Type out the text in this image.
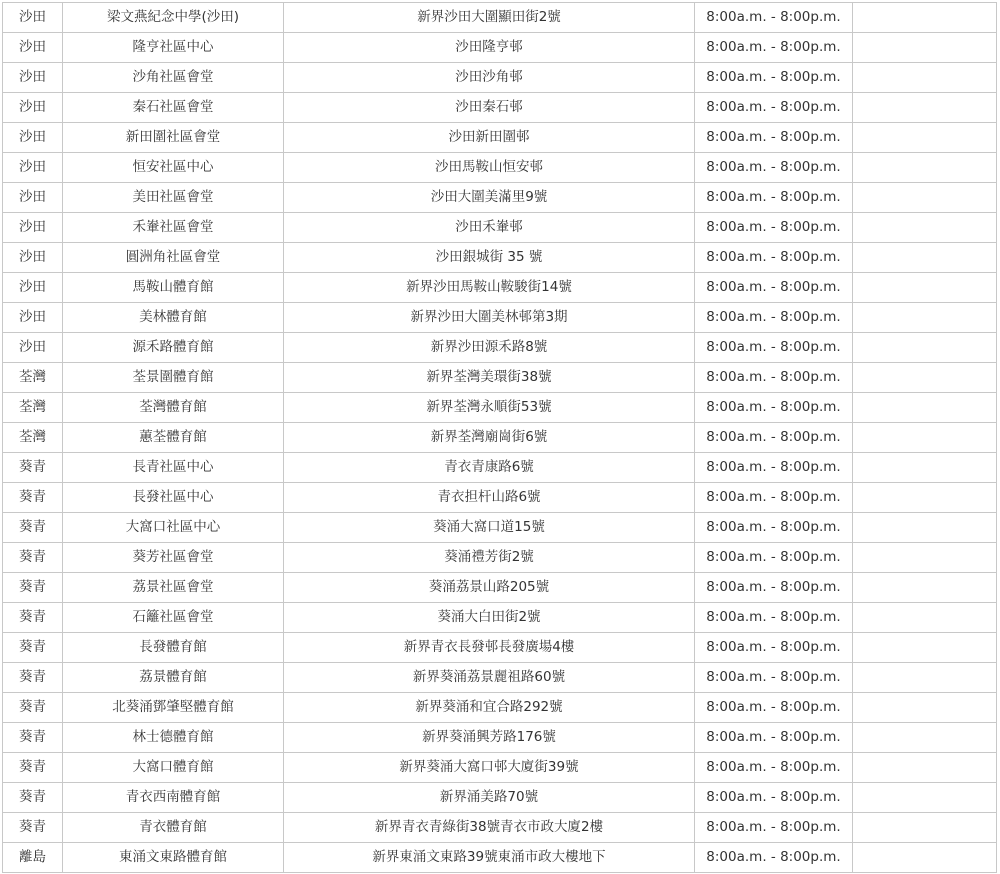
沙田	梁文燕紀念中學(沙田)	新界沙田大圍顯田街2號	8:00a.m. - 8:00p.m.	
沙田	隆亨社區中心	沙田隆亨邨	8:00a.m. - 8:00p.m.	
沙田	沙角社區會堂	沙田沙角邨	8:00a.m. - 8:00p.m.	
沙田	秦石社區會堂	沙田秦石邨	8:00a.m. - 8:00p.m.	
沙田	新田圍社區會堂	沙田新田圍邨	8:00a.m. - 8:00p.m.	
沙田	恒安社區中心	沙田馬鞍山恒安邨	8:00a.m. - 8:00p.m.	
沙田	美田社區會堂	沙田大圍美滿里9號	8:00a.m. - 8:00p.m.	
沙田	禾輋社區會堂	沙田禾輋邨	8:00a.m. - 8:00p.m.	
沙田	圓洲角社區會堂	沙田銀城街 35 號	8:00a.m. - 8:00p.m.	
沙田	馬鞍山體育館	新界沙田馬鞍山鞍駿街14號	8:00a.m. - 8:00p.m.	
沙田	美林體育館	新界沙田大圍美林邨第3期	8:00a.m. - 8:00p.m.	
沙田	源禾路體育館	新界沙田源禾路8號	8:00a.m. - 8:00p.m.	
荃灣	荃景圍體育館	新界荃灣美環街38號	8:00a.m. - 8:00p.m.	
荃灣	荃灣體育館	新界荃灣永順街53號	8:00a.m. - 8:00p.m.	
荃灣	蕙荃體育館	新界荃灣廟崗街6號	8:00a.m. - 8:00p.m.	
葵青	長青社區中心	青衣青康路6號	8:00a.m. - 8:00p.m.	
葵青	長發社區中心	青衣担杆山路6號	8:00a.m. - 8:00p.m.	
葵青	大窩口社區中心	葵涌大窩口道15號	8:00a.m. - 8:00p.m.	
葵青	葵芳社區會堂	葵涌禮芳街2號	8:00a.m. - 8:00p.m.	
葵青	荔景社區會堂	葵涌荔景山路205號	8:00a.m. - 8:00p.m.	
葵青	石籬社區會堂	葵涌大白田街2號	8:00a.m. - 8:00p.m.	
葵青	長發體育館	新界青衣長發邨長發廣場4樓	8:00a.m. - 8:00p.m.	
葵青	荔景體育館	新界葵涌荔景麗祖路60號	8:00a.m. - 8:00p.m.	
葵青	北葵涌鄧肇堅體育館	新界葵涌和宜合路292號	8:00a.m. - 8:00p.m.	
葵青	林士德體育館	新界葵涌興芳路176號	8:00a.m. - 8:00p.m.	
葵青	大窩口體育館	新界葵涌大窩口邨大廈街39號	8:00a.m. - 8:00p.m.	
葵青	青衣西南體育館	新界涌美路70號	8:00a.m. - 8:00p.m.	
葵青	青衣體育館	新界青衣青綠街38號青衣市政大廈2樓	8:00a.m. - 8:00p.m.	
離島	東涌文東路體育館	新界東涌文東路39號東涌市政大樓地下	8:00a.m. - 8:00p.m.	
